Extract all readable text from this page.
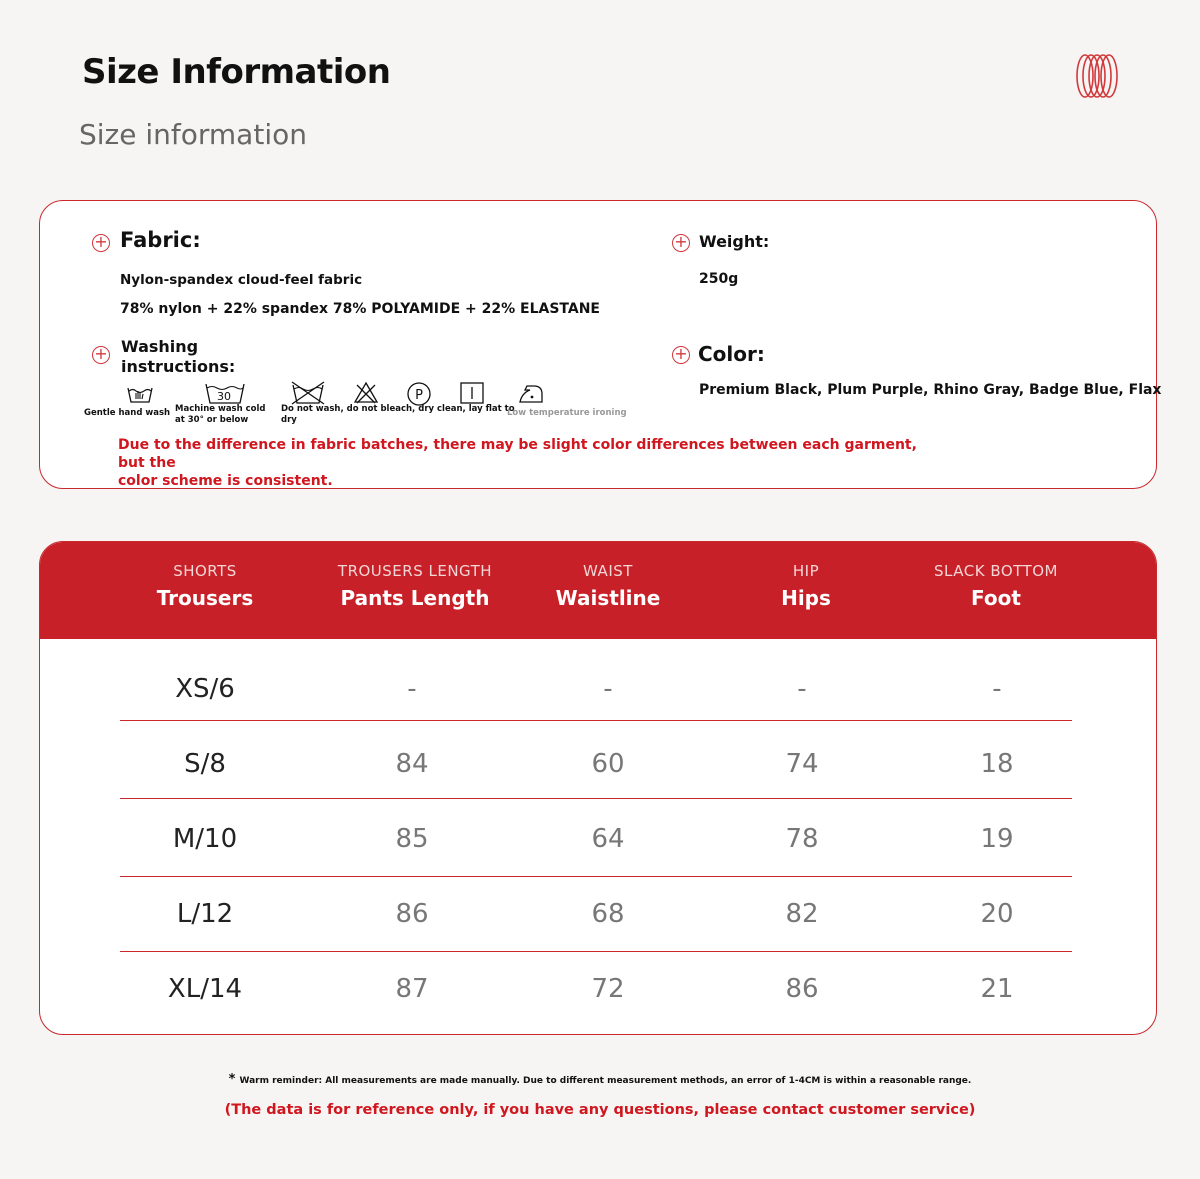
Size Information
Size information
+ Fabric:
Nylon-spandex cloud-feel fabric
78% nylon + 22% spandex 78% POLYAMIDE + 22% ELASTANE
+ Weight:
250g
+ Washing
instructions:
+ Color:
Premium Black, Plum Purple, Rhino Gray, Badge Blue, Flax
Gentle hand wash
30
Machine wash cold
at 30° or below
P
Do not wash, do not bleach, dry clean, lay flat to
dry
Low temperature ironing
Due to the difference in fabric batches, there may be slight color differences between each garment, but the
color scheme is consistent.
SHORTS
Trousers
TROUSERS LENGTH
Pants Length
WAIST
Waistline
HIP
Hips
SLACK BOTTOM
Foot
XS/6	-	-	-	-
S/8	84	60	74	18
M/10	85	64	78	19
L/12	86	68	82	20
XL/14	87	72	86	21
* Warm reminder: All measurements are made manually. Due to different measurement methods, an error of 1-4CM is within a reasonable range.
(The data is for reference only, if you have any questions, please contact customer service)
